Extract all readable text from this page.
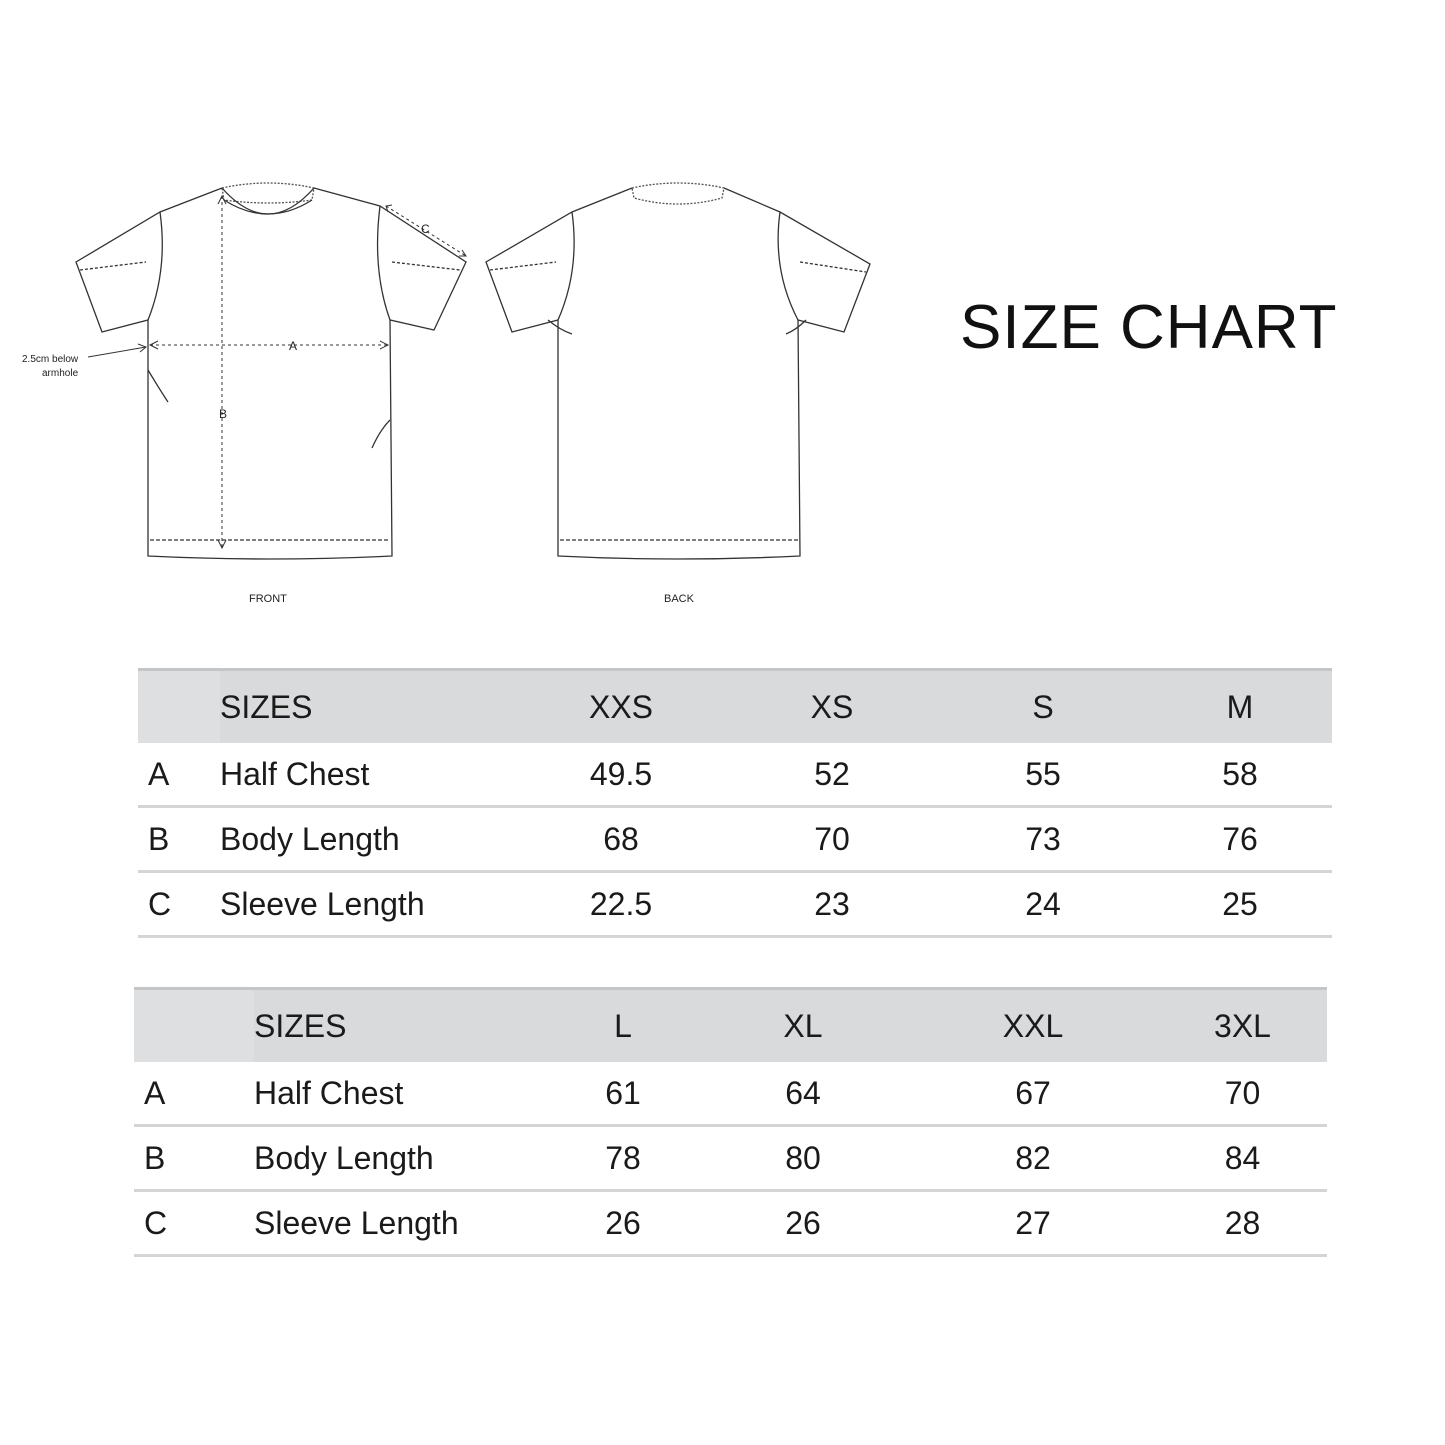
SIZE CHART
A
B
C
2.5cm below
armhole
FRONT	BACK
	SIZES	XXS	XS	S	M
A	Half Chest	49.5	52	55	58
B	Body Length	68	70	73	76
C	Sleeve Length	22.5	23	24	25
	SIZES	L	XL	XXL	3XL
A	Half Chest	61	64	67	70
B	Body Length	78	80	82	84
C	Sleeve Length	26	26	27	28
